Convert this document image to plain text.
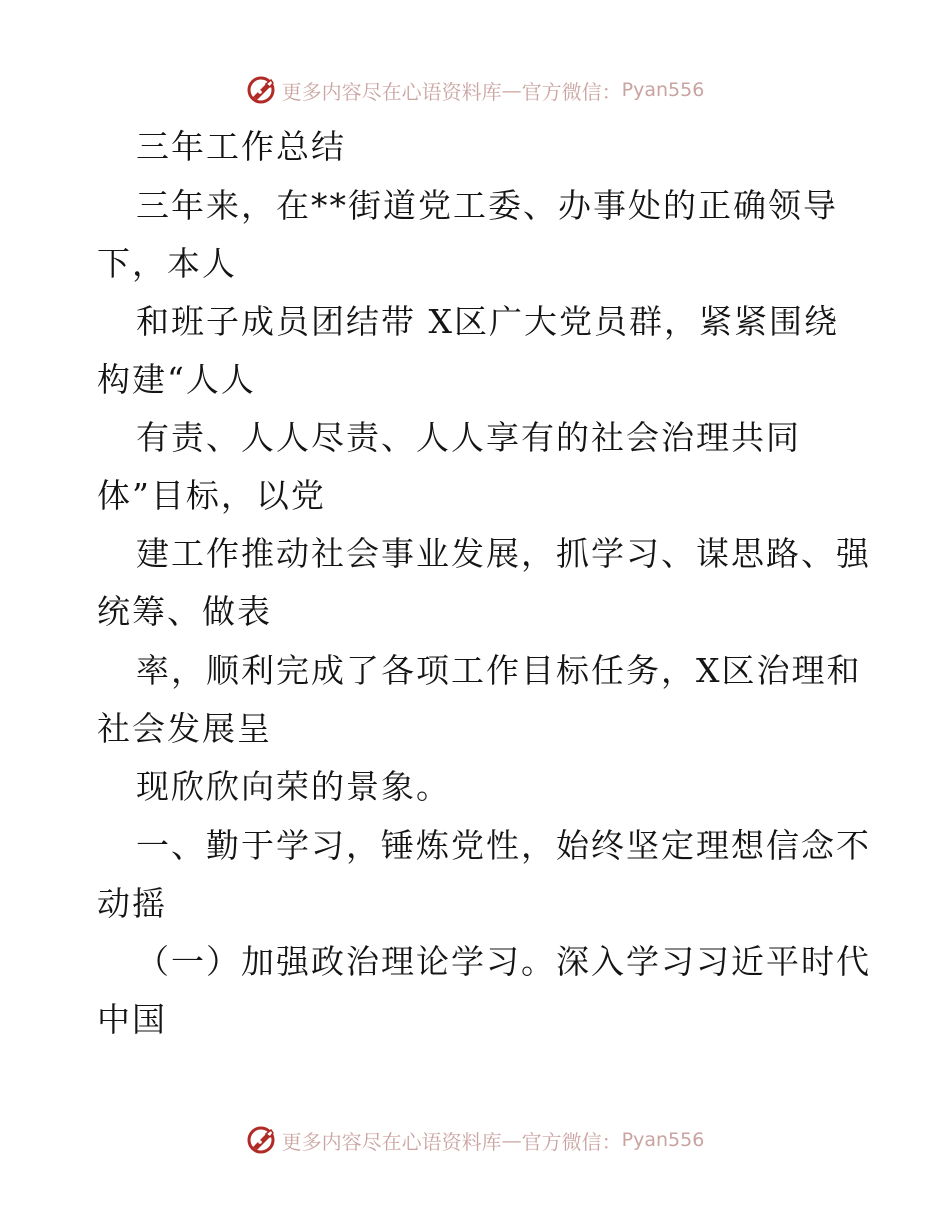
更多内容尽在心语资料库 — 官方微信： Pyan556
三年工作总结
三年来，在**街道党工委、办事处的正确领导
下，本人
和班子成员团结带 X区广大党员群，紧紧围绕
构建“人人
有责、人人尽责、人人享有的社会治理共同
体”目标，以党
建工作推动社会事业发展，抓学习、谋思路、强
统筹、做表
率，顺利完成了各项工作目标任务，X区治理和
社会发展呈
现欣欣向荣的景象。
一、勤于学习，锤炼党性，始终坚定理想信念不
动摇
（一）加强政治理论学习。深入学习习近平时代
中国
更多内容尽在心语资料库 — 官方微信： Pyan556
